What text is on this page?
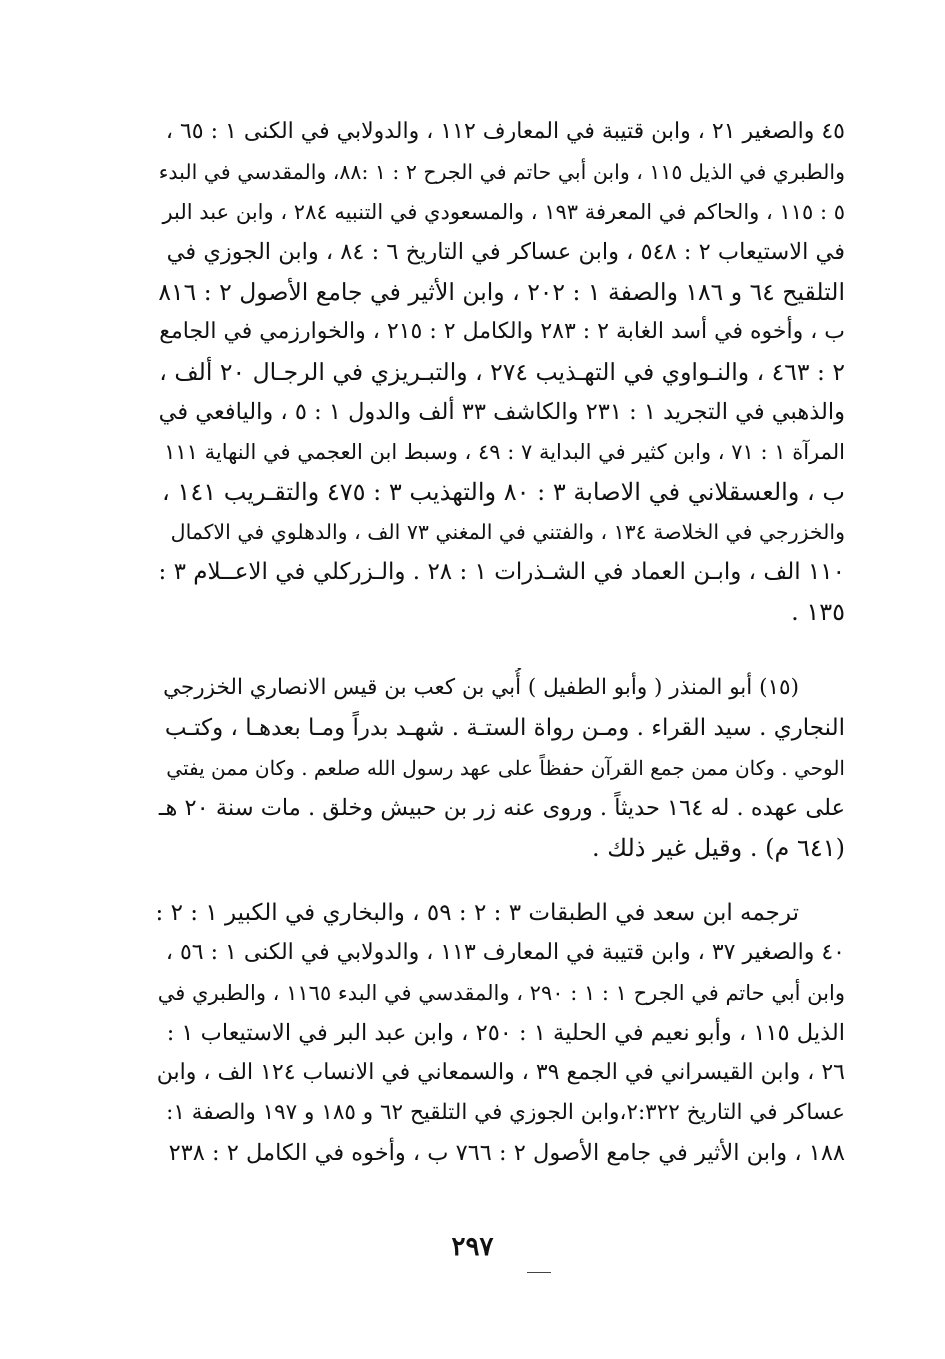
٤٥ والصغير ٢١ ، وابن قتيبة في المعارف ١١٢ ، والدولابي في الكنى ١ : ٦٥ ،
والطبري في الذيل ١١٥ ، وابن أبي حاتم في الجرح ٢ : ١ :٨٨، والمقدسي في البدء
٥ : ١١٥ ، والحاكم في المعرفة ١٩٣ ، والمسعودي في التنبيه ٢٨٤ ، وابن عبد البر
في الاستيعاب ٢ : ٥٤٨ ، وابن عساكر في التاريخ ٦ : ٨٤ ، وابن الجوزي في
التلقيح ٦٤ و ١٨٦ والصفة ١ : ٢٠٢ ، وابن الأثير في جامع الأصول ٢ : ٨١٦
ب ، وأخوه في أسد الغابة ٢ : ٢٨٣ والكامل ٢ : ٢١٥ ، والخوارزمي في الجامع
٢ : ٤٦٣ ، والنـواوي في التهـذيب ٢٧٤ ، والتبـريزي في الرجـال ٢٠ ألف ،
والذهبي في التجريد ١ : ٢٣١ والكاشف ٣٣ ألف والدول ١ : ٥ ، واليافعي في
المرآة ١ : ٧١ ، وابن كثير في البداية ٧ : ٤٩ ، وسبط ابن العجمي في النهاية ١١١
ب ، والعسقلاني في الاصابة ٣ : ٨٠ والتهذيب ٣ : ٤٧٥ والتقـريب ١٤١ ،
والخزرجي في الخلاصة ١٣٤ ، والفتني في المغني ٧٣ الف ، والدهلوي في الاكمال
١١٠ الف ، وابـن العماد في الشـذرات ١ : ٢٨ . والـزركلي في الاعــلام ٣ :
١٣٥ .
(١٥) أبو المنذر ( وأبو الطفيل ) أُبي بن كعب بن قيس الانصاري الخزرجي
النجاري . سيد القراء . ومـن رواة الستـة . شهـد بدراً ومـا بعدهـا ، وكتـب
الوحي . وكان ممن جمع القرآن حفظاً على عهد رسول الله صلعم . وكان ممن يفتي
على عهده . له ١٦٤ حديثاً . وروى عنه زر بن حبيش وخلق . مات سنة ٢٠ هـ
(٦٤١ م) . وقيل غير ذلك .
ترجمه ابن سعد في الطبقات ٣ : ٢ : ٥٩ ، والبخاري في الكبير ١ : ٢ :
٤٠ والصغير ٣٧ ، وابن قتيبة في المعارف ١١٣ ، والدولابي في الكنى ١ : ٥٦ ،
وابن أبي حاتم في الجرح ١ : ١ : ٢٩٠ ، والمقدسي في البدء ١١٦٥ ، والطبري في
الذيل ١١٥ ، وأبو نعيم في الحلية ١ : ٢٥٠ ، وابن عبد البر في الاستيعاب ١ :
٢٦ ، وابن القيسراني في الجمع ٣٩ ، والسمعاني في الانساب ١٢٤ الف ، وابن
عساكر في التاريخ ٢:٣٢٢،وابن الجوزي في التلقيح ٦٢ و ١٨٥ و ١٩٧ والصفة ١:
١٨٨ ، وابن الأثير في جامع الأصول ٢ : ٧٦٦ ب ، وأخوه في الكامل ٢ : ٢٣٨
٢٩٧
